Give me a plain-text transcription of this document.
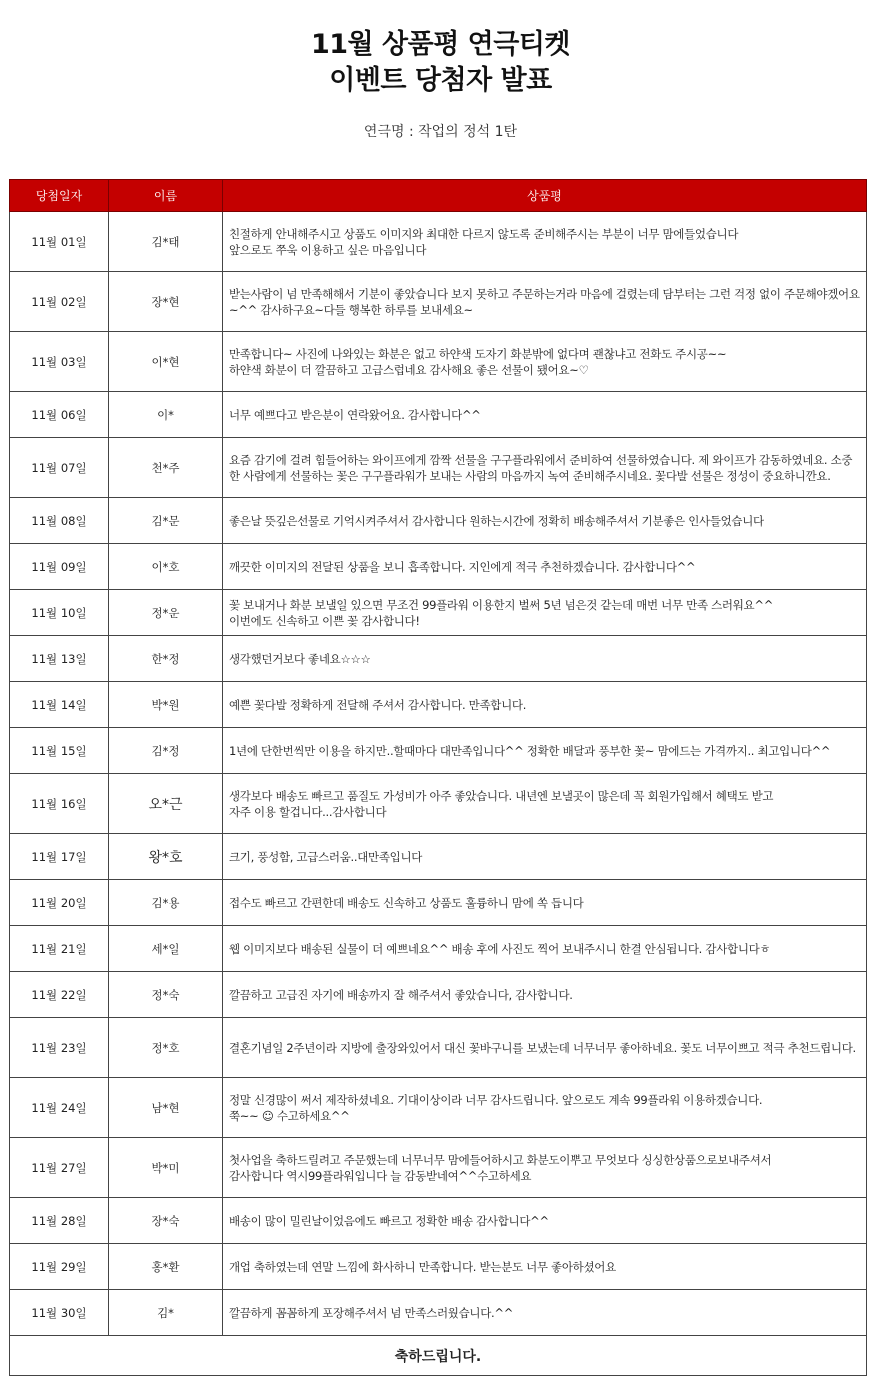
11월 상품평 연극티켓
이벤트 당첨자 발표
연극명 : 작업의 정석 1탄
당첨일자	이름	상품평
11월 01일	김*태	친절하게 안내해주시고 상품도 이미지와 최대한 다르지 않도록 준비해주시는 부분이 너무 맘에들었습니다
앞으로도 쭈욱 이용하고 싶은 마음입니다
11월 02일	장*현	받는사람이 넘 만족해해서 기분이 좋았습니다 보지 못하고 주문하는거라 마음에 걸렸는데 담부터는 그런 걱정 없이 주문해야겠어요~^^ 감사하구요~다들 행복한 하루를 보내세요~
11월 03일	이*현	만족합니다~ 사진에 나와있는 화분은 없고 하얀색 도자기 화분밖에 없다며 괜찮냐고 전화도 주시공~~
하얀색 화분이 더 깔끔하고 고급스럽네요 감사해요 좋은 선물이 됐어요~♡
11월 06일	이*	너무 예쁘다고 받은분이 연락왔어요. 감사합니다^^
11월 07일	천*주	요즘 감기에 걸려 힘들어하는 와이프에게 깜짝 선물을 구구플라워에서 준비하여 선물하였습니다. 제 와이프가 감동하였네요. 소중한 사람에게 선물하는 꽃은 구구플라워가 보내는 사람의 마음까지 녹여 준비해주시네요. 꽃다발 선물은 정성이 중요하니깐요.
11월 08일	김*문	좋은날 뜻깊은선물로 기억시켜주셔서 감사합니다 원하는시간에 정확히 배송해주셔서 기분좋은 인사들었습니다
11월 09일	이*호	깨끗한 이미지의 전달된 상품을 보니 흡족합니다. 지인에게 적극 추천하겠습니다. 감사합니다^^
11월 10일	정*운	꽃 보내거나 화분 보낼일 있으면 무조건 99플라워 이용한지 벌써 5년 넘은것 같는데 매번 너무 만족 스러워요^^
이번에도 신속하고 이쁜 꽃 감사합니다!
11월 13일	한*정	생각했던거보다 좋네요☆☆☆
11월 14일	박*원	예쁜 꽃다발 정확하게 전달해 주셔서 감사합니다. 만족합니다.
11월 15일	김*정	1년에 단한번씩만 이용을 하지만..할때마다 대만족입니다^^ 정확한 배달과 풍부한 꽃~ 맘에드는 가격까지.. 최고입니다^^
11월 16일	오*근	생각보다 배송도 빠르고 품질도 가성비가 아주 좋았습니다. 내년엔 보낼곳이 많은데 꼭 회원가입해서 혜택도 받고
자주 이용 할겁니다...감사합니다
11월 17일	왕*호	크기, 풍성함, 고급스러움..대만족입니다
11월 20일	김*용	접수도 빠르고 간편한데 배송도 신속하고 상품도 훌륭하니 맘에 쏙 듭니다
11월 21일	세*일	웹 이미지보다 배송된 실물이 더 예쁘네요^^ 배송 후에 사진도 찍어 보내주시니 한결 안심됩니다. 감사합니다ㅎ
11월 22일	정*숙	깔끔하고 고급진 자기에 배송까지 잘 해주셔서 좋았습니다, 감사합니다.
11월 23일	정*호	결혼기념일 2주년이라 지방에 출장와있어서 대신 꽃바구니를 보냈는데 너무너무 좋아하네요. 꽃도 너무이쁘고 적극 추천드립니다.
11월 24일	남*현	정말 신경많이 써서 제작하셨네요. 기대이상이라 너무 감사드립니다. 앞으로도 계속 99플라워 이용하겠습니다.
쭉~~ ☺ 수고하세요^^
11월 27일	박*미	첫사업을 축하드릴려고 주문했는데 너무너무 맘에들어하시고 화분도이뿌고 무엇보다 싱싱한상품으로보내주셔서
감사합니다 역시99플라워입니다 늘 감동받네여^^수고하세요
11월 28일	장*숙	배송이 많이 밀린날이었음에도 빠르고 정확한 배송 감사합니다^^
11월 29일	홍*환	개업 축하였는데 연말 느낌에 화사하니 만족합니다. 받는분도 너무 좋아하셨어요
11월 30일	김*	깔끔하게 꼼꼼하게 포장해주셔서 넘 만족스러웠습니다.^^
축하드립니다.		
